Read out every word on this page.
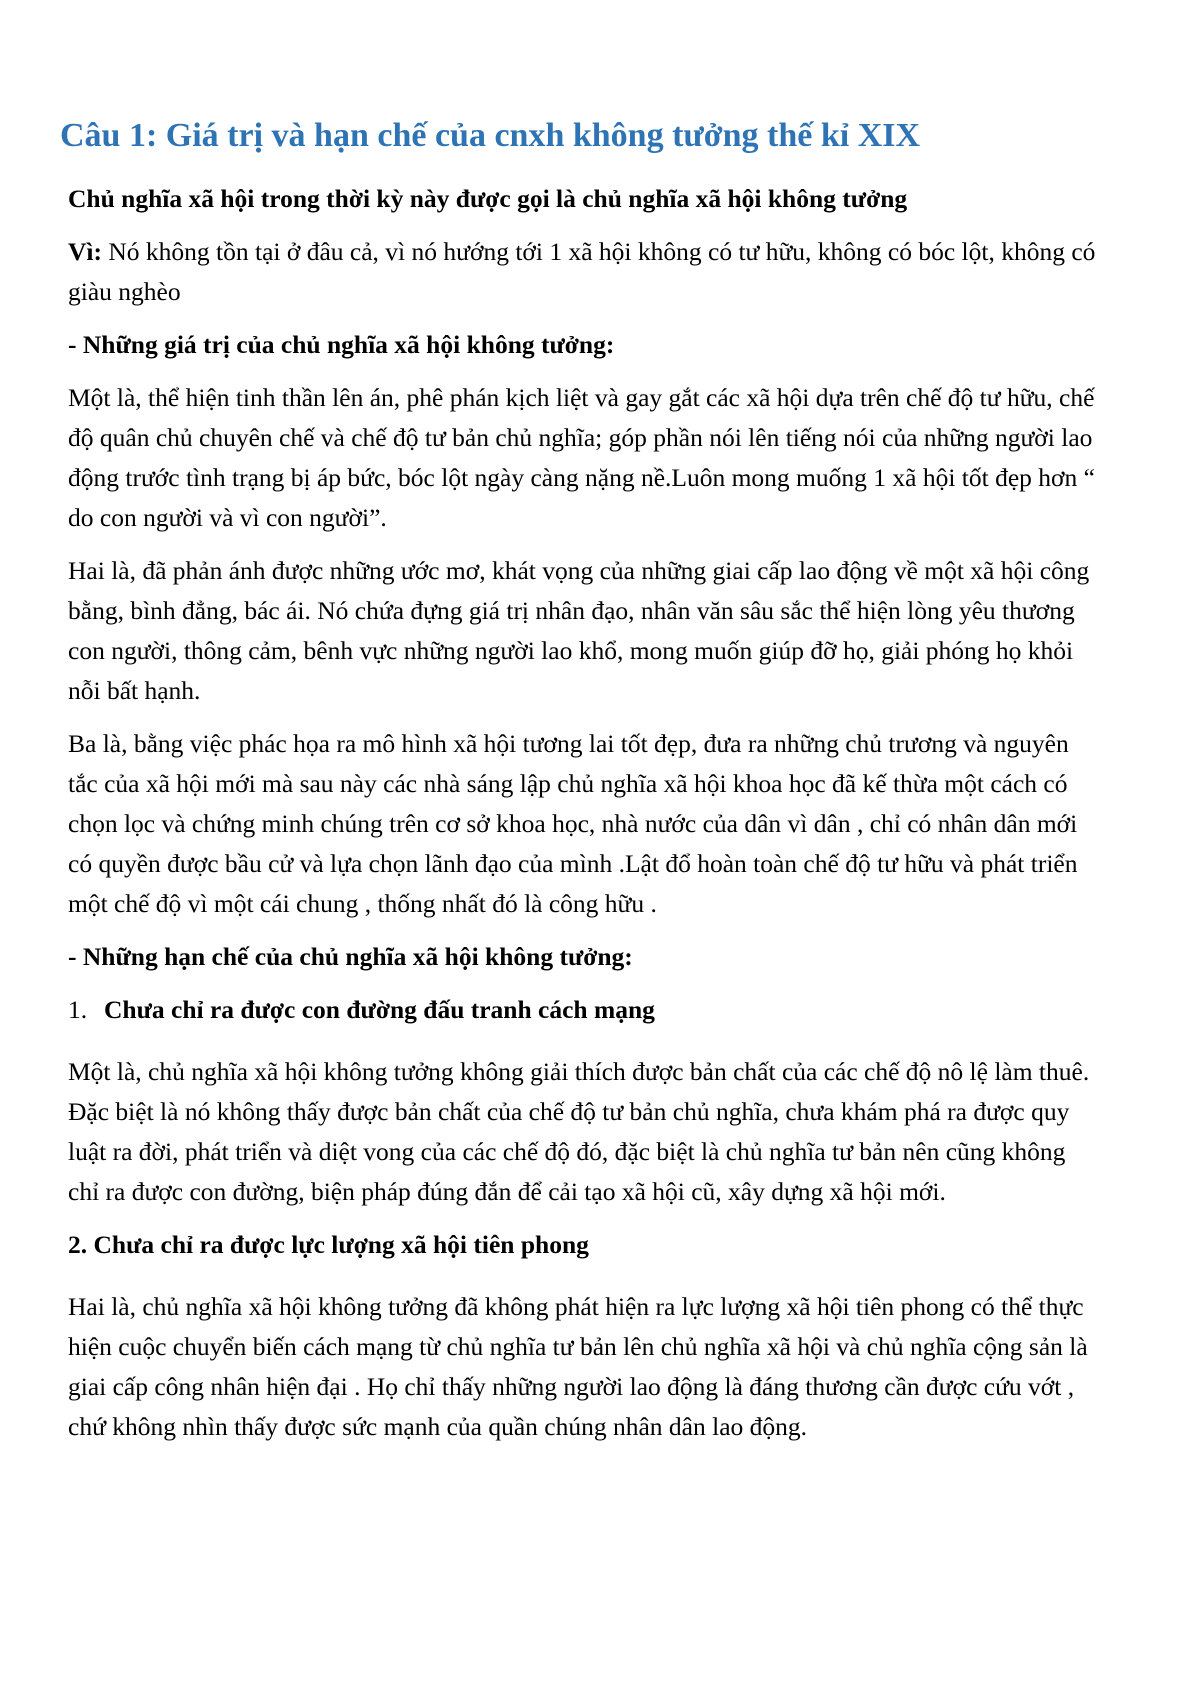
Câu 1: Giá trị và hạn chế của cnxh không tưởng thế kỉ XIX
Chủ nghĩa xã hội trong thời kỳ này được gọi là chủ nghĩa xã hội không tưởng
Vì: Nó không tồn tại ở đâu cả, vì nó hướng tới 1 xã hội không có tư hữu, không có bóc lột, không có giàu nghèo
- Những giá trị của chủ nghĩa xã hội không tưởng:
Một là, thể hiện tinh thần lên án, phê phán kịch liệt và gay gắt các xã hội dựa trên chế độ tư hữu, chế độ quân chủ chuyên chế và chế độ tư bản chủ nghĩa; góp phần nói lên tiếng nói của những người lao động trước tình trạng bị áp bức, bóc lột ngày càng nặng nề.Luôn mong muống 1 xã hội tốt đẹp hơn “ do con người và vì con người”.
Hai là, đã phản ánh được những ước mơ, khát vọng của những giai cấp lao động về một xã hội công bằng, bình đẳng, bác ái. Nó chứa đựng giá trị nhân đạo, nhân văn sâu sắc thể hiện lòng yêu thương con người, thông cảm, bênh vực những người lao khổ, mong muốn giúp đỡ họ, giải phóng họ khỏi nỗi bất hạnh.
Ba là, bằng việc phác họa ra mô hình xã hội tương lai tốt đẹp, đưa ra những chủ trương và nguyên tắc của xã hội mới mà sau này các nhà sáng lập chủ nghĩa xã hội khoa học đã kế thừa một cách có chọn lọc và chứng minh chúng trên cơ sở khoa học, nhà nước của dân vì dân , chỉ có nhân dân mới có quyền được bầu cử và lựa chọn lãnh đạo của mình .Lật đổ hoàn toàn chế độ tư hữu và phát triển một chế độ vì một cái chung , thống nhất đó là công hữu .
- Những hạn chế của chủ nghĩa xã hội không tưởng:
1. Chưa chỉ ra được con đường đấu tranh cách mạng
Một là, chủ nghĩa xã hội không tưởng không giải thích được bản chất của các chế độ nô lệ làm thuê. Đặc biệt là nó không thấy được bản chất của chế độ tư bản chủ nghĩa, chưa khám phá ra được quy luật ra đời, phát triển và diệt vong của các chế độ đó, đặc biệt là chủ nghĩa tư bản nên cũng không chỉ ra được con đường, biện pháp đúng đắn để cải tạo xã hội cũ, xây dựng xã hội mới.
2. Chưa chỉ ra được lực lượng xã hội tiên phong
Hai là, chủ nghĩa xã hội không tưởng đã không phát hiện ra lực lượng xã hội tiên phong có thể thực hiện cuộc chuyển biến cách mạng từ chủ nghĩa tư bản lên chủ nghĩa xã hội và chủ nghĩa cộng sản là giai cấp công nhân hiện đại . Họ chỉ thấy những người lao động là đáng thương cần được cứu vớt , chứ không nhìn thấy được sức mạnh của quần chúng nhân dân lao động.
